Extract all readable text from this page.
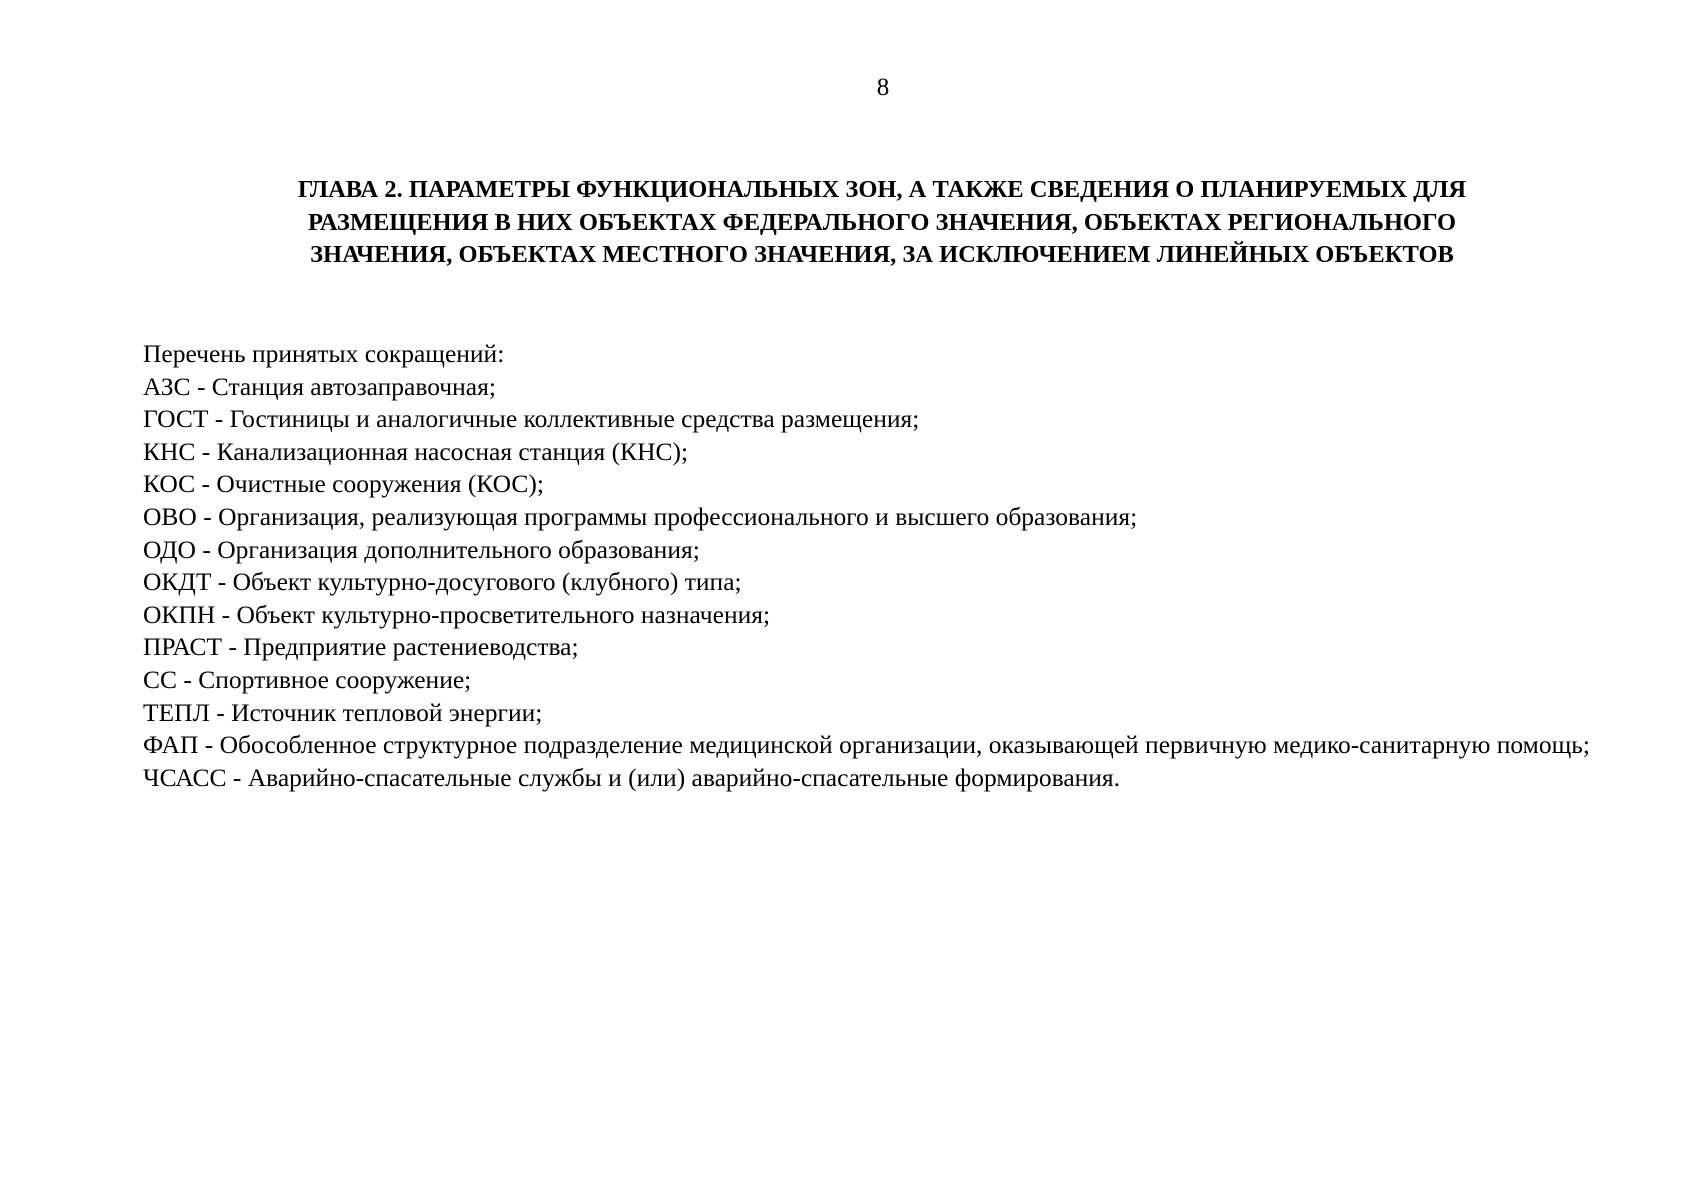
8
ГЛАВА 2. ПАРАМЕТРЫ ФУНКЦИОНАЛЬНЫХ ЗОН, А ТАКЖЕ СВЕДЕНИЯ О ПЛАНИРУЕМЫХ ДЛЯ
РАЗМЕЩЕНИЯ В НИХ ОБЪЕКТАХ ФЕДЕРАЛЬНОГО ЗНАЧЕНИЯ, ОБЪЕКТАХ РЕГИОНАЛЬНОГО
ЗНАЧЕНИЯ, ОБЪЕКТАХ МЕСТНОГО ЗНАЧЕНИЯ, ЗА ИСКЛЮЧЕНИЕМ ЛИНЕЙНЫХ ОБЪЕКТОВ

Перечень принятых сокращений:

АЗС - Станция автозаправочная;

ГОСТ - Гостиницы и аналогичные коллективные средства размещения;

КНС - Канализационная насосная станция (КНС);

КОС - Очистные сооружения (КОС);

ОВО - Организация, реализующая программы профессионального и высшего образования;

ОДО - Организация дополнительного образования;

ОКДТ - Объект культурно-досугового (клубного) типа;

ОКПН - Объект культурно-просветительного назначения;

ПРАСТ - Предприятие растениеводства;

СС - Спортивное сооружение;

ТЕПЛ - Источник тепловой энергии;

ФАП - Обособленное структурное подразделение медицинской организации, оказывающей первичную медико-санитарную помощь;

ЧСАСС - Аварийно-спасательные службы и (или) аварийно-спасательные формирования.
